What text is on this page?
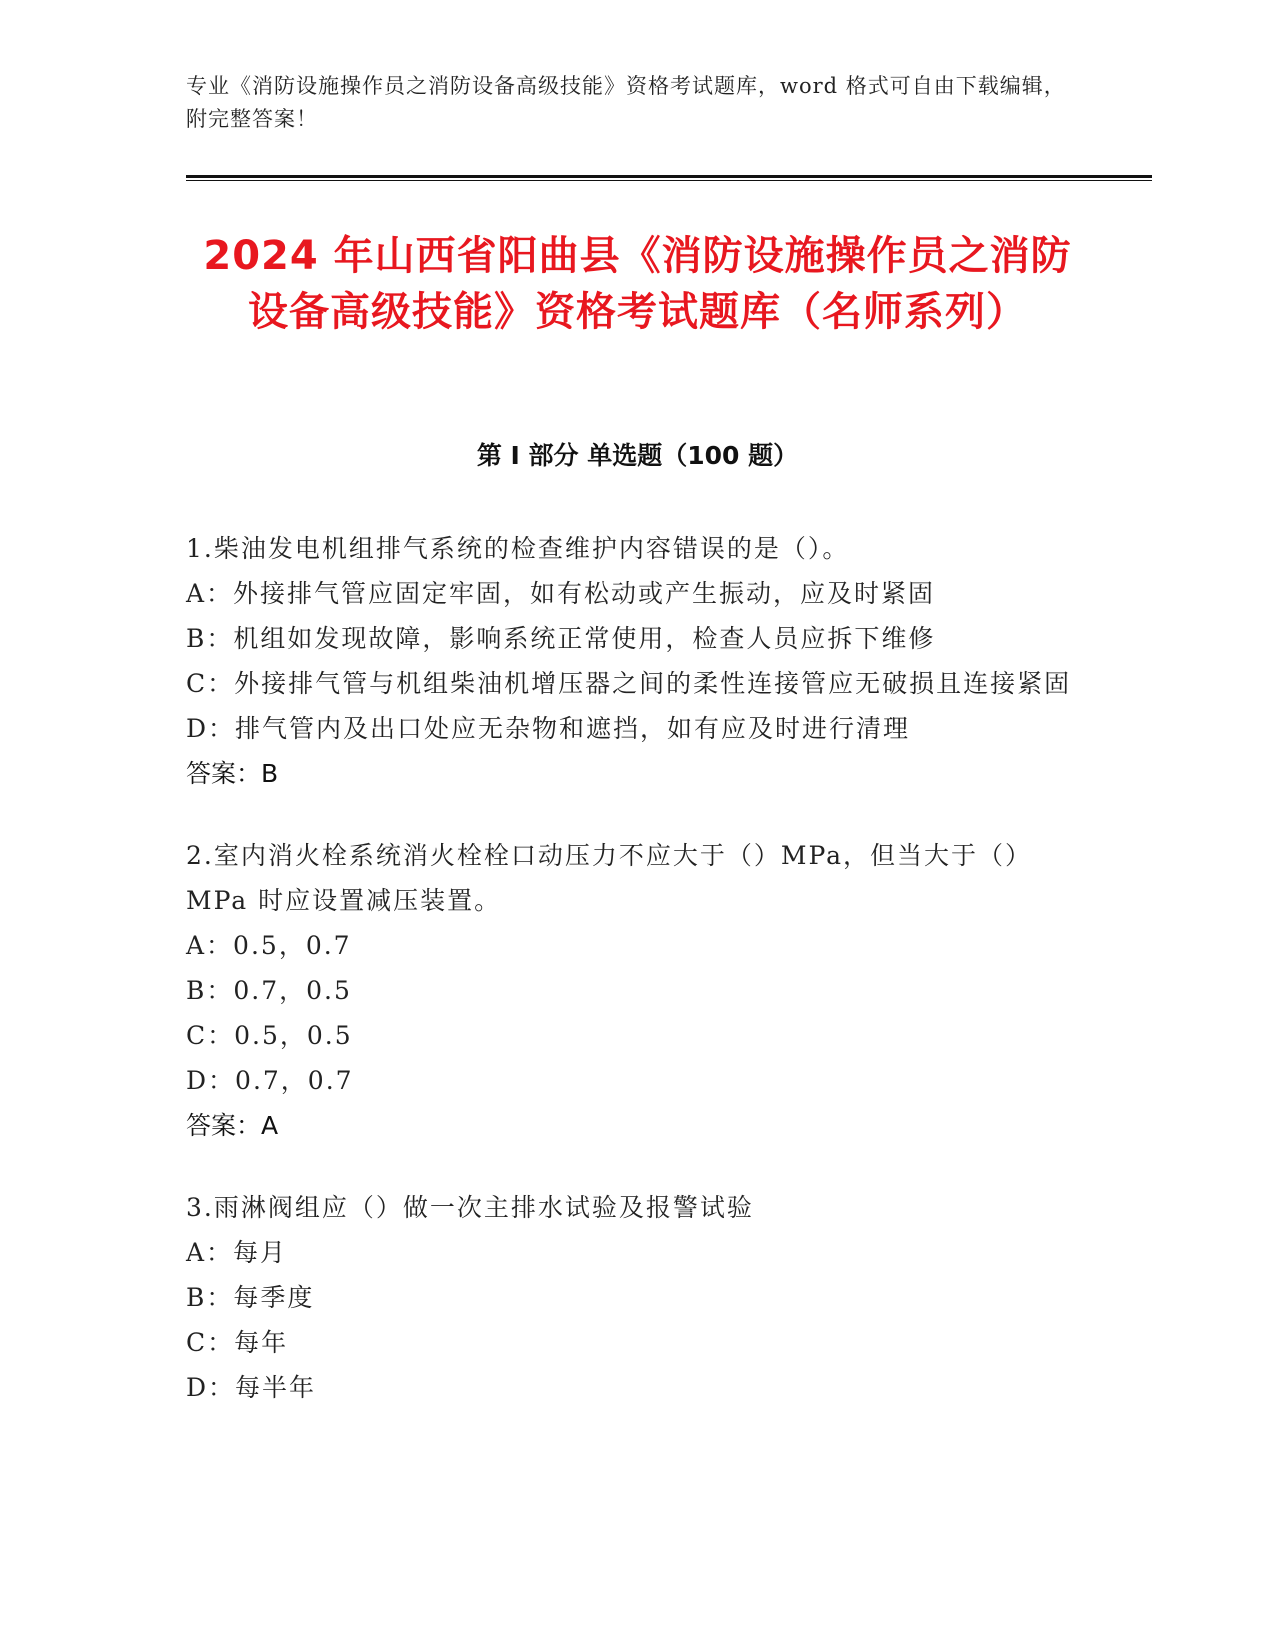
专业《消防设施操作员之消防设备高级技能》资格考试题库，word 格式可自由下载编辑，附完整答案！
2024 年山西省阳曲县《消防设施操作员之消防设备高级技能》资格考试题库（名师系列）
第 I 部分 单选题（100 题）

1.柴油发电机组排气系统的检查维护内容错误的是（）。

A：外接排气管应固定牢固，如有松动或产生振动，应及时紧固

B：机组如发现故障，影响系统正常使用，检查人员应拆下维修

C：外接排气管与机组柴油机增压器之间的柔性连接管应无破损且连接紧固

D：排气管内及出口处应无杂物和遮挡，如有应及时进行清理

答案：B

2.室内消火栓系统消火栓栓口动压力不应大于（）MPa，但当大于（）MPa 时应设置减压装置。

A：0.5，0.7

B：0.7，0.5

C：0.5，0.5

D：0.7，0.7

答案：A

3.雨淋阀组应（）做一次主排水试验及报警试验

A：每月

B：每季度

C：每年

D：每半年
